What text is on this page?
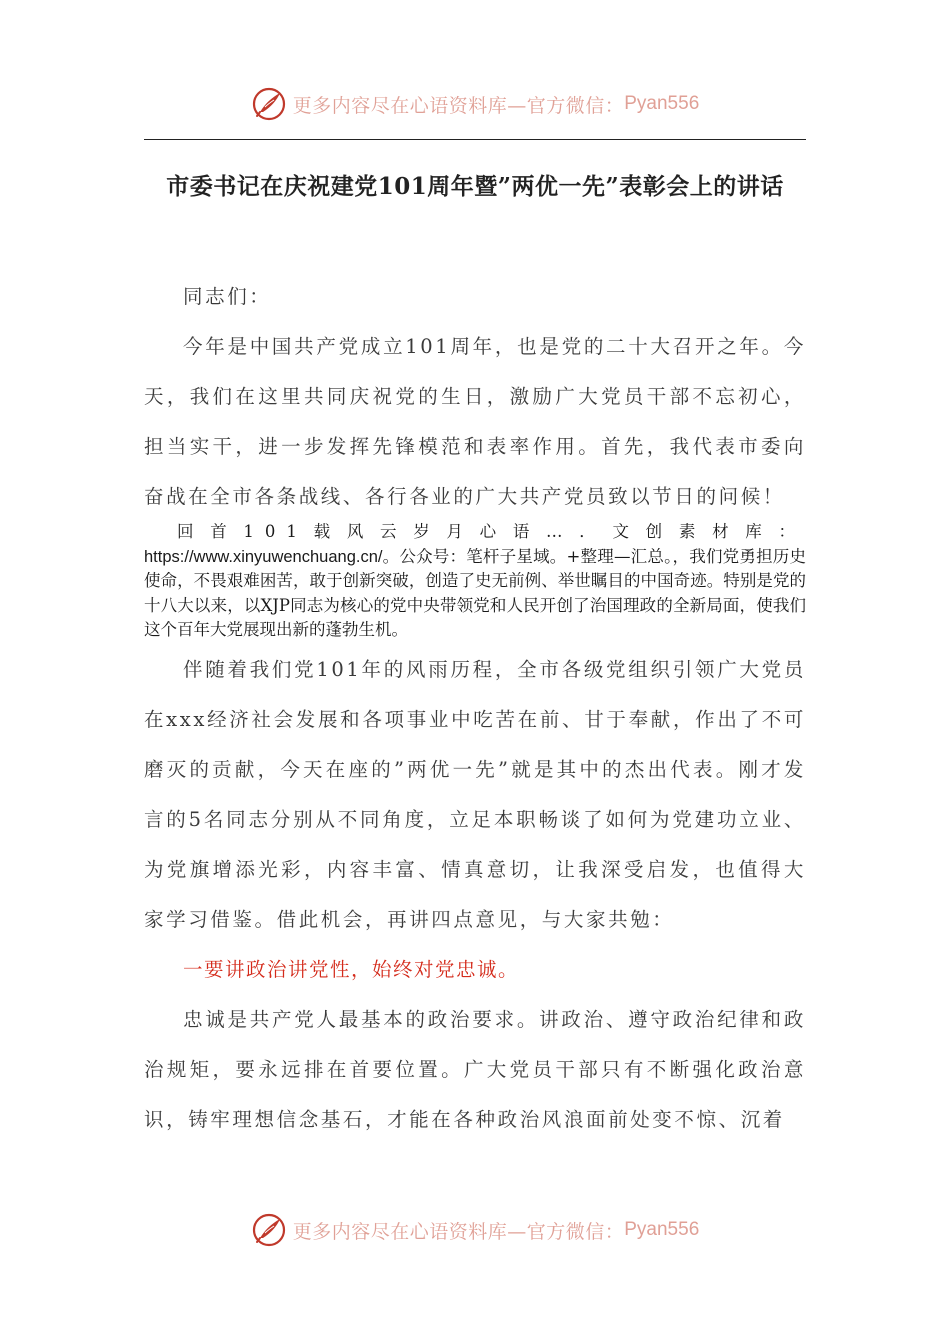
更多内容尽在心语资料库—官方微信： Pyan556
市委书记在庆祝建党101周年暨”两优一先”表彰会上的讲话

同志们：

今年是中国共产党成立101周年，也是党的二十大召开之年。今天，我们在这里共同庆祝党的生日，激励广大党员干部不忘初心，担当实干，进一步发挥先锋模范和表率作用。首先，我代表市委向奋战在全市各条战线、各行各业的广大共产党员致以节日的问候！

回首101载风云岁月心语…．文创素材库：https://www.xinyuwenchuang.cn/。公众号：笔杆子星域。+整理—汇总。，我们党勇担历史使命，不畏艰难困苦，敢于创新突破，创造了史无前例、举世瞩目的中国奇迹。特别是党的十八大以来，以XJP同志为核心的党中央带领党和人民开创了治国理政的全新局面，使我们这个百年大党展现出新的蓬勃生机。

伴随着我们党101年的风雨历程，全市各级党组织引领广大党员在xxx经济社会发展和各项事业中吃苦在前、甘于奉献，作出了不可磨灭的贡献，今天在座的”两优一先”就是其中的杰出代表。刚才发言的5名同志分别从不同角度，立足本职畅谈了如何为党建功立业、为党旗增添光彩，内容丰富、情真意切，让我深受启发，也值得大家学习借鉴。借此机会，再讲四点意见，与大家共勉：

一要讲政治讲党性，始终对党忠诚。

忠诚是共产党人最基本的政治要求。讲政治、遵守政治纪律和政治规矩，要永远排在首要位置。广大党员干部只有不断强化政治意识，铸牢理想信念基石，才能在各种政治风浪面前处变不惊、沉着

更多内容尽在心语资料库—官方微信： Pyan556
